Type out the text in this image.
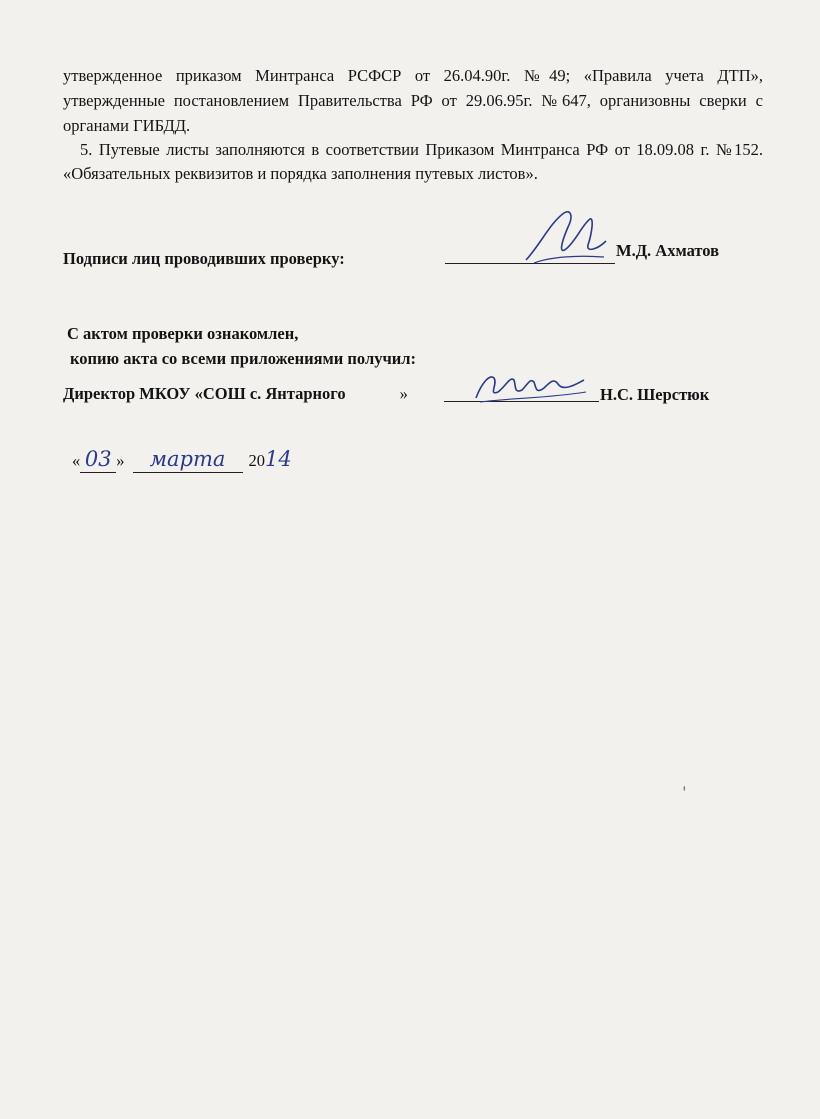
утвержденное приказом Минтранса РСФСР от 26.04.90г. №49; «Правила учета ДТП»,
утвержденные постановлением Правительства РФ от 29.06.95г. №647, организовны сверки с
органами ГИБДД.
5. Путевые листы заполняются в соответствии Приказом Минтранса РФ от 18.09.08 г. №152.
«Обязательных реквизитов и порядка заполнения путевых листов».
Подписи лиц проводивших проверку:	М.Д. Ахматов
С актом проверки ознакомлен,
копию акта со всеми приложениями получил:
Директор МКОУ «СОШ с. Янтарного	»	Н.С. Шерстюк
« 03 » марта 2014
ˈ
